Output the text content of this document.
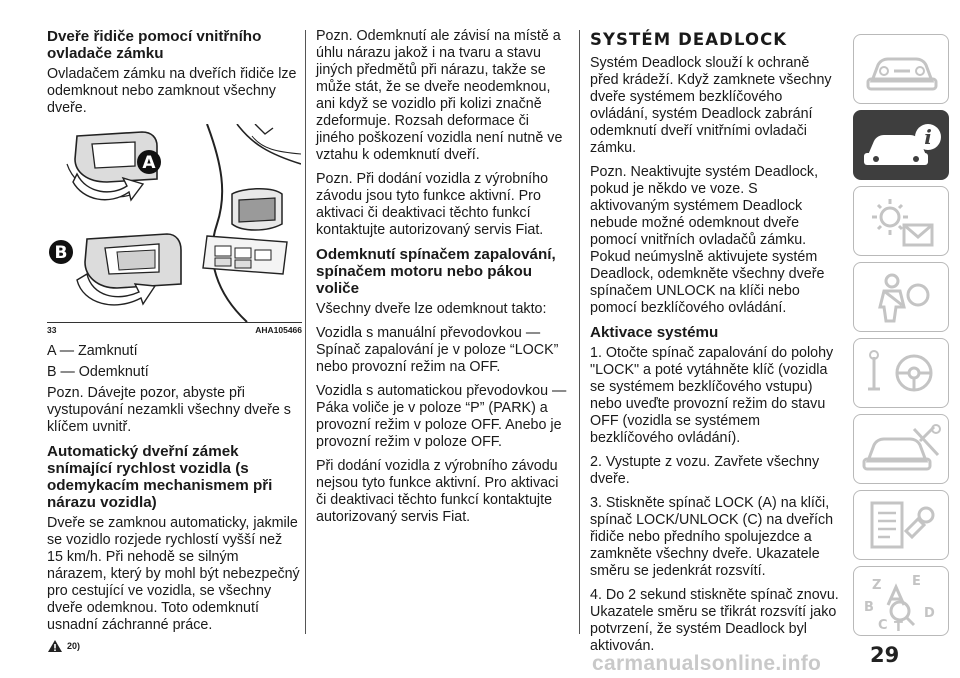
Dveře řidiče pomocí vnitřního ovladače zámku

Ovladačem zámku na dveřích řidiče lze odemknout nebo zamknout všechny dveře.

A
B
33	AHA105466

A — Zamknutí

B — Odemknutí

Pozn. Dávejte pozor, abyste při vystupování nezamkli všechny dveře s klíčem uvnitř.

Automatický dveřní zámek snímající rychlost vozidla (s odemykacím mechanismem při nárazu vozidla)

Dveře se zamknou automaticky, jakmile se vozidlo rozjede rychlostí vyšší než 15 km/h. Při nehodě se silným nárazem, který by mohl být nebezpečný pro cestující ve vozidla, se všechny dveře odemknou. Toto odemknutí usnadní záchranné práce.

20)

Pozn. Odemknutí ale závisí na místě a úhlu nárazu jakož i na tvaru a stavu jiných předmětů při nárazu, takže se může stát, že se dveře neodemknou, ani když se vozidlo při kolizi značně zdeformuje. Rozsah deformace či jiného poškození vozidla není nutně ve vztahu k odemknutí dveří.

Pozn. Při dodání vozidla z výrobního závodu jsou tyto funkce aktivní. Pro aktivaci či deaktivaci těchto funkcí kontaktujte autorizovaný servis Fiat.

Odemknutí spínačem zapalování, spínačem motoru nebo pákou voliče

Všechny dveře lze odemknout takto:

Vozidla s manuální převodovkou — Spínač zapalování je v poloze “LOCK” nebo provozní režim na OFF.

Vozidla s automatickou převodovkou — Páka voliče je v poloze “P” (PARK) a provozní režim v poloze OFF. Anebo je provozní režim v poloze OFF.

Při dodání vozidla z výrobního závodu nejsou tyto funkce aktivní. Pro aktivaci či deaktivaci těchto funkcí kontaktujte autorizovaný servis Fiat.

SYSTÉM DEADLOCK

Systém Deadlock slouží k ochraně před krádeží. Když zamknete všechny dveře systémem bezklíčového ovládání, systém Deadlock zabrání odemknutí dveří vnitřními ovladači zámku.

Pozn. Neaktivujte systém Deadlock, pokud je někdo ve voze. S aktivovaným systémem Deadlock nebude možné odemknout dveře pomocí vnitřních ovladačů zámku. Pokud neúmyslně aktivujete systém Deadlock, odemkněte všechny dveře spínačem UNLOCK na klíči nebo pomocí bezklíčového ovládání.

Aktivace systému

1. Otočte spínač zapalování do polohy "LOCK" a poté vytáhněte klíč (vozidla se systémem bezklíčového vstupu) nebo uveďte provozní režim do stavu OFF (vozidla se systémem bezklíčového ovládání).

2. Vystupte z vozu. Zavřete všechny dveře.

3. Stiskněte spínač LOCK (A) na klíči, spínač LOCK/UNLOCK (C) na dveřích řidiče nebo předního spolujezdce a zamkněte všechny dveře. Ukazatele směru se jedenkrát rozsvítí.

4. Do 2 sekund stiskněte spínač znovu. Ukazatele směru se třikrát rozsvítí jako potvrzení, že systém Deadlock byl aktivován.

i
Z E
B
C T
D
29
carmanualsonline.info
